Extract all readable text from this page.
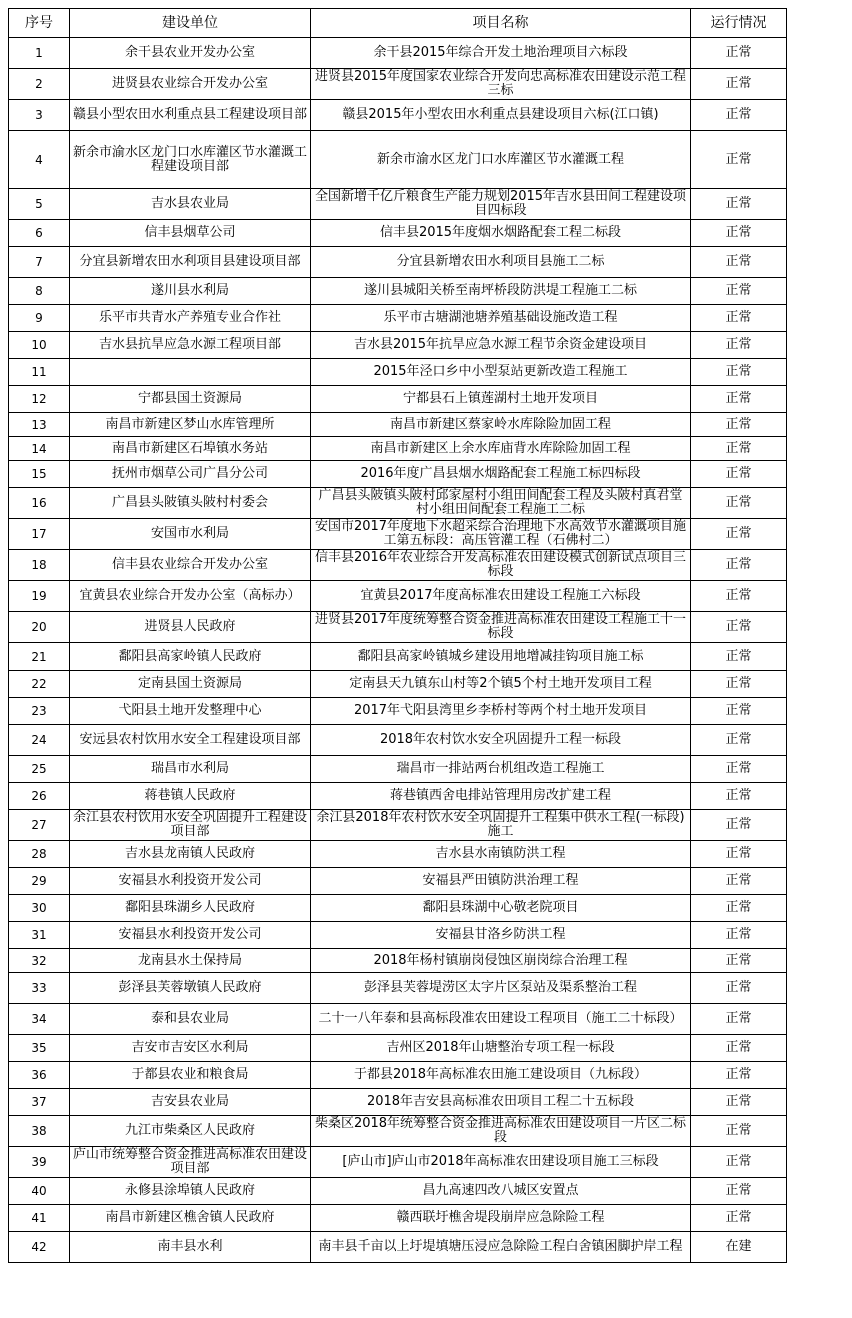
序号	建设单位	项目名称	运行情况
1	余干县农业开发办公室	余干县2015年综合开发土地治理项目六标段	正常
2	进贤县农业综合开发办公室	进贤县2015年度国家农业综合开发向忠高标准农田建设示范工程三标	正常
3	赣县小型农田水利重点县工程建设项目部	赣县2015年小型农田水利重点县建设项目六标(江口镇)	正常
4	新余市渝水区龙门口水库灌区节水灌溉工程建设项目部	新余市渝水区龙门口水库灌区节水灌溉工程	正常
5	吉水县农业局	全国新增千亿斤粮食生产能力规划2015年吉水县田间工程建设项目四标段	正常
6	信丰县烟草公司	信丰县2015年度烟水烟路配套工程二标段	正常
7	分宜县新增农田水利项目县建设项目部	分宜县新增农田水利项目县施工二标	正常
8	遂川县水利局	遂川县城阳关桥至南坪桥段防洪堤工程施工二标	正常
9	乐平市共青水产养殖专业合作社	乐平市古塘湖池塘养殖基础设施改造工程	正常
10	吉水县抗旱应急水源工程项目部	吉水县2015年抗旱应急水源工程节余资金建设项目	正常
11		2015年泾口乡中小型泵站更新改造工程施工	正常
12	宁都县国土资源局	宁都县石上镇莲湖村土地开发项目	正常
13	南昌市新建区梦山水库管理所	南昌市新建区蔡家岭水库除险加固工程	正常
14	南昌市新建区石埠镇水务站	南昌市新建区上余水库庙背水库除险加固工程	正常
15	抚州市烟草公司广昌分公司	2016年度广昌县烟水烟路配套工程施工标四标段	正常
16	广昌县头陂镇头陂村村委会	广昌县头陂镇头陂村邱家屋村小组田间配套工程及头陂村真君堂村小组田间配套工程施工二标	正常
17	安国市水利局	安国市2017年度地下水超采综合治理地下水高效节水灌溉项目施工第五标段：高压管灌工程（石佛村二）	正常
18	信丰县农业综合开发办公室	信丰县2016年农业综合开发高标准农田建设模式创新试点项目三标段	正常
19	宜黄县农业综合开发办公室（高标办）	宜黄县2017年度高标准农田建设工程施工六标段	正常
20	进贤县人民政府	进贤县2017年度统筹整合资金推进高标准农田建设工程施工十一标段	正常
21	鄱阳县高家岭镇人民政府	鄱阳县高家岭镇城乡建设用地增减挂钩项目施工标	正常
22	定南县国土资源局	定南县天九镇东山村等2个镇5个村土地开发项目工程	正常
23	弋阳县土地开发整理中心	2017年弋阳县湾里乡李桥村等两个村土地开发项目	正常
24	安远县农村饮用水安全工程建设项目部	2018年农村饮水安全巩固提升工程一标段	正常
25	瑞昌市水利局	瑞昌市一排站两台机组改造工程施工	正常
26	蒋巷镇人民政府	蒋巷镇西舍电排站管理用房改扩建工程	正常
27	余江县农村饮用水安全巩固提升工程建设项目部	余江县2018年农村饮水安全巩固提升工程集中供水工程(一标段)施工	正常
28	吉水县龙南镇人民政府	吉水县水南镇防洪工程	正常
29	安福县水利投资开发公司	安福县严田镇防洪治理工程	正常
30	鄱阳县珠湖乡人民政府	鄱阳县珠湖中心敬老院项目	正常
31	安福县水利投资开发公司	安福县甘洛乡防洪工程	正常
32	龙南县水土保持局	2018年杨村镇崩岗侵蚀区崩岗综合治理工程	正常
33	彭泽县芙蓉墩镇人民政府	彭泽县芙蓉堤涝区太字片区泵站及渠系整治工程	正常
34	泰和县农业局	二十一八年泰和县高标段准农田建设工程项目（施工二十标段）	正常
35	吉安市吉安区水利局	吉州区2018年山塘整治专项工程一标段	正常
36	于都县农业和粮食局	于都县2018年高标准农田施工建设项目（九标段）	正常
37	吉安县农业局	2018年吉安县高标准农田项目工程二十五标段	正常
38	九江市柴桑区人民政府	柴桑区2018年统筹整合资金推进高标准农田建设项目一片区二标段	正常
39	庐山市统筹整合资金推进高标准农田建设项目部	[庐山市]庐山市2018年高标准农田建设项目施工三标段	正常
40	永修县涂埠镇人民政府	昌九高速四改八城区安置点	正常
41	南昌市新建区樵舍镇人民政府	赣西联圩樵舍堤段崩岸应急除险工程	正常
42	南丰县水利	南丰县千亩以上圩堤填塘压浸应急除险工程白舍镇困脚护岸工程	在建
